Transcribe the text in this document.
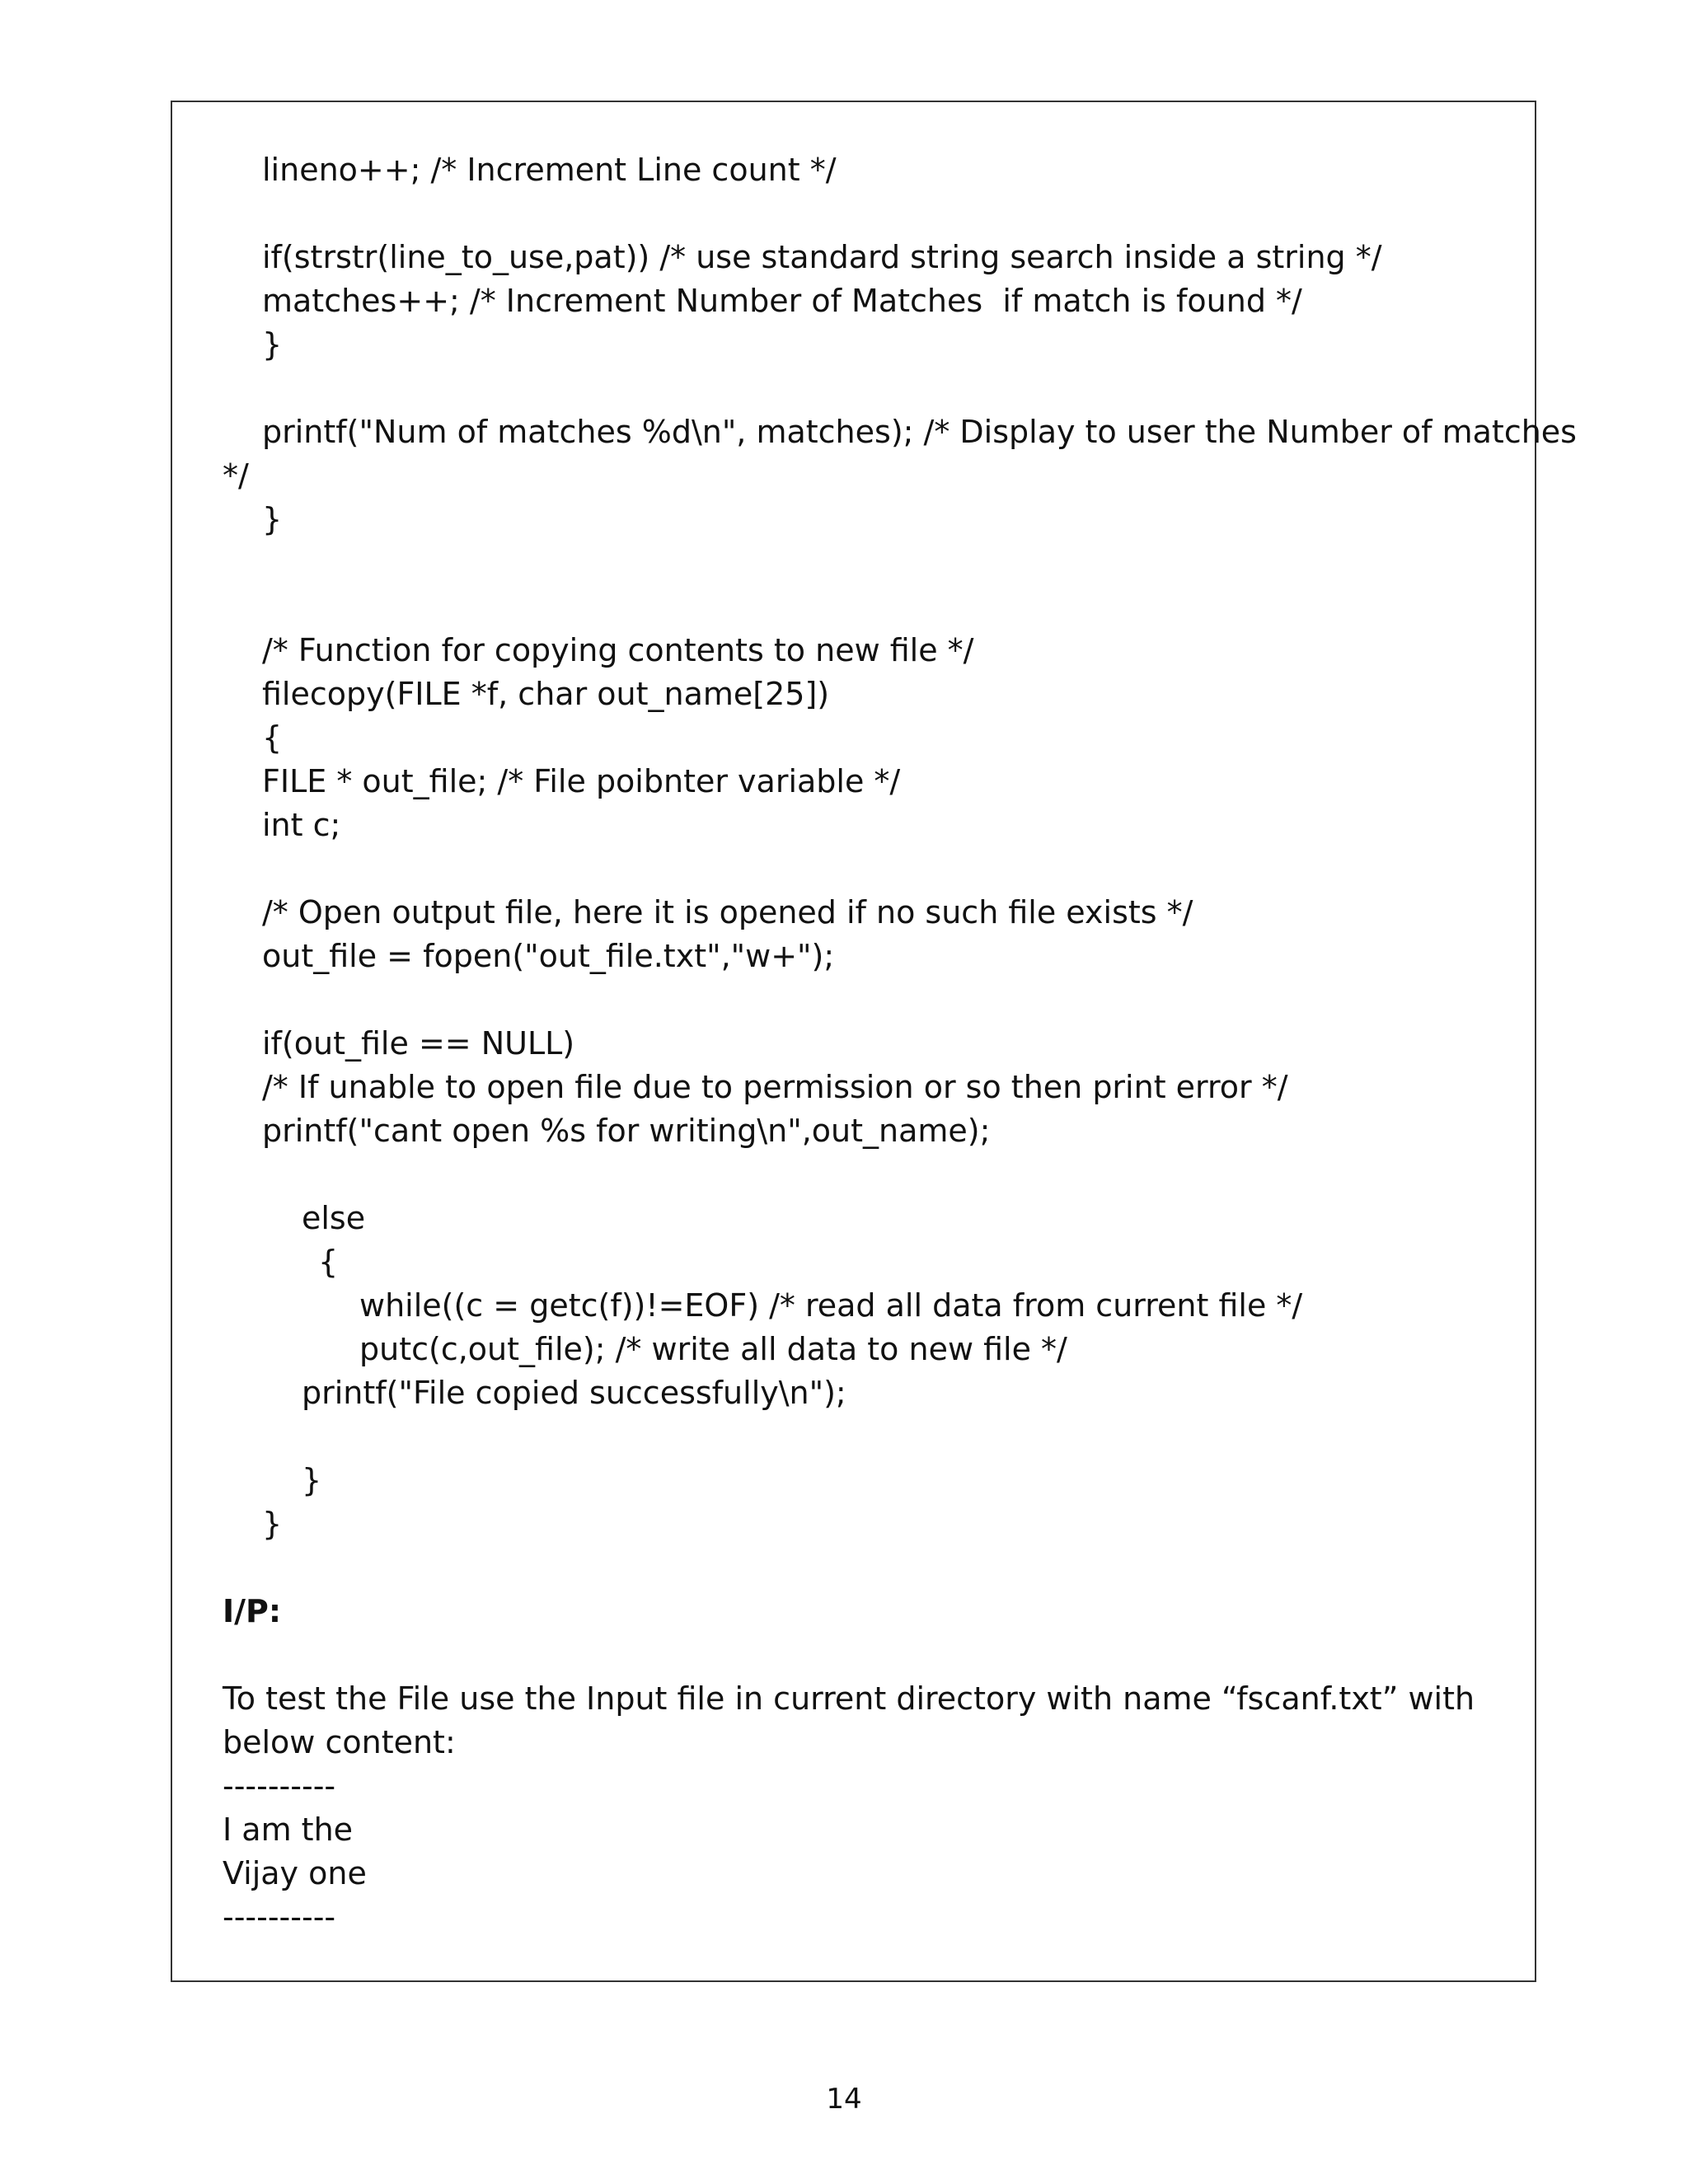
lineno++; /* Increment Line count */

if(strstr(line_to_use,pat)) /* use standard string search inside a string */

matches++; /* Increment Number of Matches  if match is found */

}

printf("Num of matches %d\n", matches); /* Display to user the Number of matches

*/

}

/* Function for copying contents to new file */

filecopy(FILE *f, char out_name[25])

{

FILE * out_file; /* File poibnter variable */

int c;

/* Open output file, here it is opened if no such file exists */

out_file = fopen("out_file.txt","w+");

if(out_file == NULL)

/* If unable to open file due to permission or so then print error */

printf("cant open %s for writing\n",out_name);

else

{

while((c = getc(f))!=EOF) /* read all data from current file */

putc(c,out_file); /* write all data to new file */

printf("File copied successfully\n");

}

}

I/P:

To test the File use the Input file in current directory with name “fscanf.txt” with

below content:

----------

I am the

Vijay one

----------

14
